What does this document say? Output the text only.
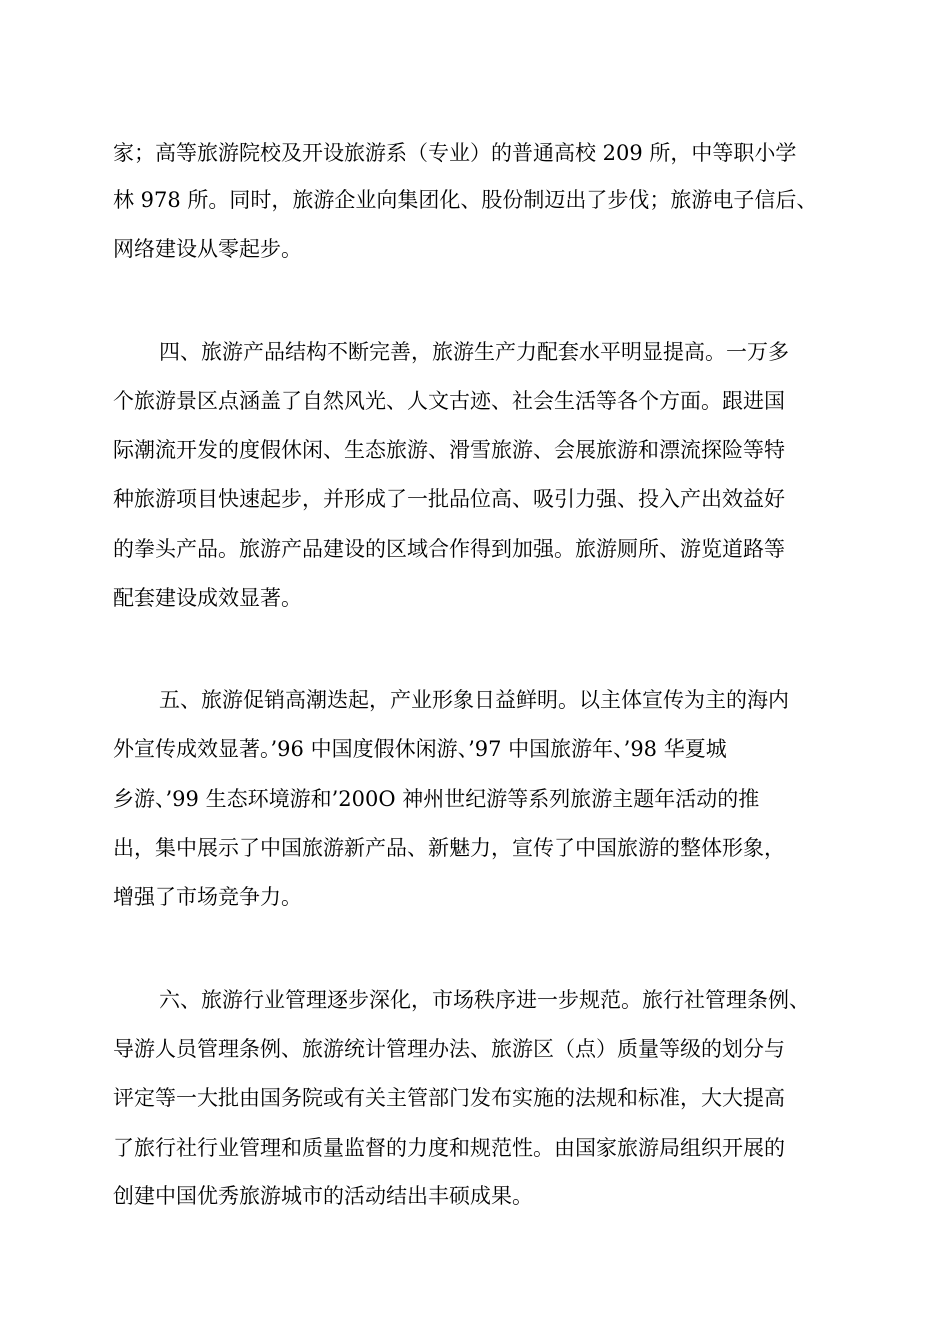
家；高等旅游院校及开设旅游系（专业）的普通高校 209 所，中等职小学
林 978 所。同时，旅游企业向集团化、股份制迈出了步伐；旅游电子信后、
网络建设从零起步。
四、旅游产品结构不断完善，旅游生产力配套水平明显提高。一万多
个旅游景区点涵盖了自然风光、人文古迹、社会生活等各个方面。跟进国
际潮流开发的度假休闲、生态旅游、滑雪旅游、会展旅游和漂流探险等特
种旅游项目快速起步，并形成了一批品位高、吸引力强、投入产出效益好
的拳头产品。旅游产品建设的区域合作得到加强。旅游厕所、游览道路等
配套建设成效显著。
五、旅游促销高潮迭起，产业形象日益鲜明。以主体宣传为主的海内
外宣传成效显著。’96 中国度假休闲游、’97 中国旅游年、’98 华夏城
乡游、’99 生态环境游和’200O 神州世纪游等系列旅游主题年活动的推
出，集中展示了中国旅游新产品、新魅力，宣传了中国旅游的整体形象，
增强了市场竞争力。
六、旅游行业管理逐步深化，市场秩序进一步规范。旅行社管理条例、
导游人员管理条例、旅游统计管理办法、旅游区（点）质量等级的划分与
评定等一大批由国务院或有关主管部门发布实施的法规和标准，大大提高
了旅行社行业管理和质量监督的力度和规范性。由国家旅游局组织开展的
创建中国优秀旅游城市的活动结出丰硕成果。
